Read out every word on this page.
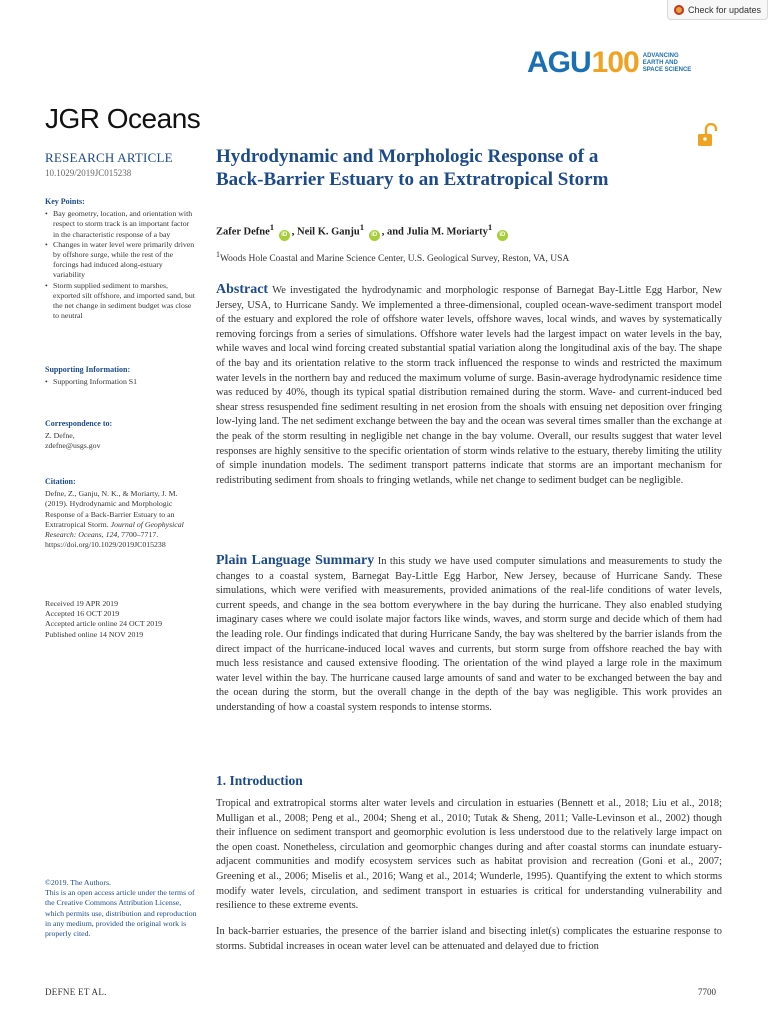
Check for updates
AGU 100 ADVANCING
EARTH AND
SPACE SCIENCE
JGR Oceans
RESEARCH ARTICLE
10.1029/2019JC015238
Key Points:
• Bay geometry, location, and orientation with respect to storm track is an important factor in the characteristic response of a bay
• Changes in water level were primarily driven by offshore surge, while the rest of the forcings had induced along-estuary variability
• Storm supplied sediment to marshes, exported silt offshore, and imported sand, but the net change in sediment budget was close to neutral
Supporting Information:
• Supporting Information S1
Correspondence to:
Z. Defne,
zdefne@usgs.gov
Citation:
Defne, Z., Ganju, N. K., & Moriarty, J. M. (2019). Hydrodynamic and Morphologic Response of a Back-Barrier Estuary to an Extratropical Storm. Journal of Geophysical Research: Oceans, 124, 7700–7717. https://doi.org/10.1029/2019JC015238
Received 19 APR 2019
Accepted 16 OCT 2019
Accepted article online 24 OCT 2019
Published online 14 NOV 2019
©2019. The Authors.
This is an open access article under the terms of the Creative Commons Attribution License, which permits use, distribution and reproduction in any medium, provided the original work is properly cited.
Hydrodynamic and Morphologic Response of a Back-Barrier Estuary to an Extratropical Storm
Zafer Defne$^1$ iD , Neil K. Ganju$^1$ iD , and Julia M. Moriarty$^1$ iD
$^1$Woods Hole Coastal and Marine Science Center, U.S. Geological Survey, Reston, VA, USA
Abstract We investigated the hydrodynamic and morphologic response of Barnegat Bay-Little Egg Harbor, New Jersey, USA, to Hurricane Sandy. We implemented a three-dimensional, coupled ocean-wave-sediment transport model of the estuary and explored the role of offshore water levels, offshore waves, local winds, and waves by systematically removing forcings from a series of simulations. Offshore water levels had the largest impact on water levels in the bay, while waves and local wind forcing created substantial spatial variation along the longitudinal axis of the bay. The shape of the bay and its orientation relative to the storm track influenced the response to winds and restricted the maximum water levels in the northern bay and reduced the maximum volume of surge. Basin-average hydrodynamic residence time was reduced by 40%, though its typical spatial distribution remained during the storm. Wave- and current-induced bed shear stress resuspended fine sediment resulting in net erosion from the shoals with ensuing net deposition over fringing low-lying land. The net sediment exchange between the bay and the ocean was several times smaller than the exchange at the peak of the storm resulting in negligible net change in the bay volume. Overall, our results suggest that water level responses are highly sensitive to the specific orientation of storm winds relative to the estuary, thereby limiting the utility of simple inundation models. The sediment transport patterns indicate that storms are an important mechanism for redistributing sediment from shoals to fringing wetlands, while net change to sediment budget can be negligible.
Plain Language Summary In this study we have used computer simulations and measurements to study the changes to a coastal system, Barnegat Bay-Little Egg Harbor, New Jersey, because of Hurricane Sandy. These simulations, which were verified with measurements, provided animations of the real-life conditions of water levels, current speeds, and change in the sea bottom everywhere in the bay during the hurricane. They also enabled studying imaginary cases where we could isolate major factors like winds, waves, and storm surge and decide which of them had the leading role. Our findings indicated that during Hurricane Sandy, the bay was sheltered by the barrier islands from the direct impact of the hurricane-induced local waves and currents, but storm surge from offshore reached the bay with much less resistance and caused extensive flooding. The orientation of the wind played a large role in the maximum water level within the bay. The hurricane caused large amounts of sand and water to be exchanged between the bay and the ocean during the storm, but the overall change in the depth of the bay was negligible. This work provides an understanding of how a coastal system responds to intense storms.
1. Introduction
Tropical and extratropical storms alter water levels and circulation in estuaries (Bennett et al., 2018; Liu et al., 2018; Mulligan et al., 2008; Peng et al., 2004; Sheng et al., 2010; Tutak & Sheng, 2011; Valle-Levinson et al., 2002) though their influence on sediment transport and geomorphic evolution is less understood due to the relatively large impact on the open coast. Nonetheless, circulation and geomorphic changes during and after coastal storms can inundate estuary-adjacent communities and modify ecosystem services such as habitat provision and recreation (Goni et al., 2007; Greening et al., 2006; Miselis et al., 2016; Wang et al., 2014; Wunderle, 1995). Quantifying the extent to which storms modify water levels, circulation, and sediment transport in estuaries is critical for understanding vulnerability and resilience to these extreme events.
In back-barrier estuaries, the presence of the barrier island and bisecting inlet(s) complicates the estuarine response to storms. Subtidal increases in ocean water level can be attenuated and delayed due to friction
DEFNE ET AL.	7700
